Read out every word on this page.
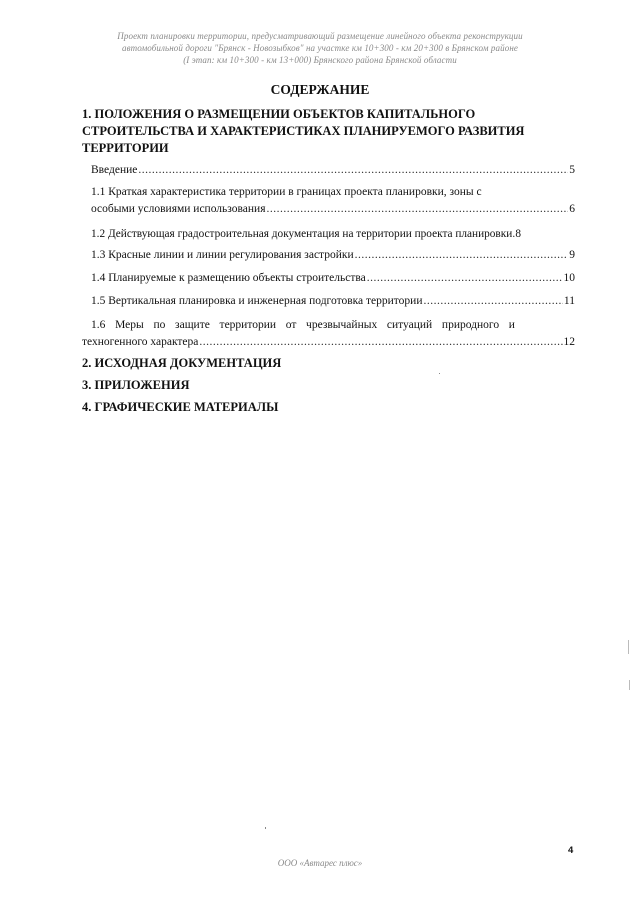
Проект планировки территории, предусматривающий размещение линейного объекта реконструкции
автомобильной дороги "Брянск - Новозыбков" на участке км 10+300 - км 20+300 в Брянском районе
(I этап: км 10+300 - км 13+000) Брянского района Брянской области
СОДЕРЖАНИЕ
1. ПОЛОЖЕНИЯ О РАЗМЕЩЕНИИ ОБЪЕКТОВ КАПИТАЛЬНОГО
СТРОИТЕЛЬСТВА И ХАРАКТЕРИСТИКАХ ПЛАНИРУЕМОГО РАЗВИТИЯ
ТЕРРИТОРИИ
Введение .....	5
1.1 Краткая характеристика территории в границах проекта планировки, зоны с
особыми условиями использования .....	6
1.2 Действующая градостроительная документация на территории проекта планировки ..... 8
1.3 Красные линии и линии регулирования застройки .....	9
1.4 Планируемые к размещению объекты строительства .....	10
1.5 Вертикальная планировка и инженерная подготовка территории .....	11
1.6 Меры по защите территории от чрезвычайных ситуаций природного и
техногенного характера .....	12
2. ИСХОДНАЯ ДОКУМЕНТАЦИЯ
3. ПРИЛОЖЕНИЯ
4. ГРАФИЧЕСКИЕ МАТЕРИАЛЫ
4
ООО «Автарес плюс»
